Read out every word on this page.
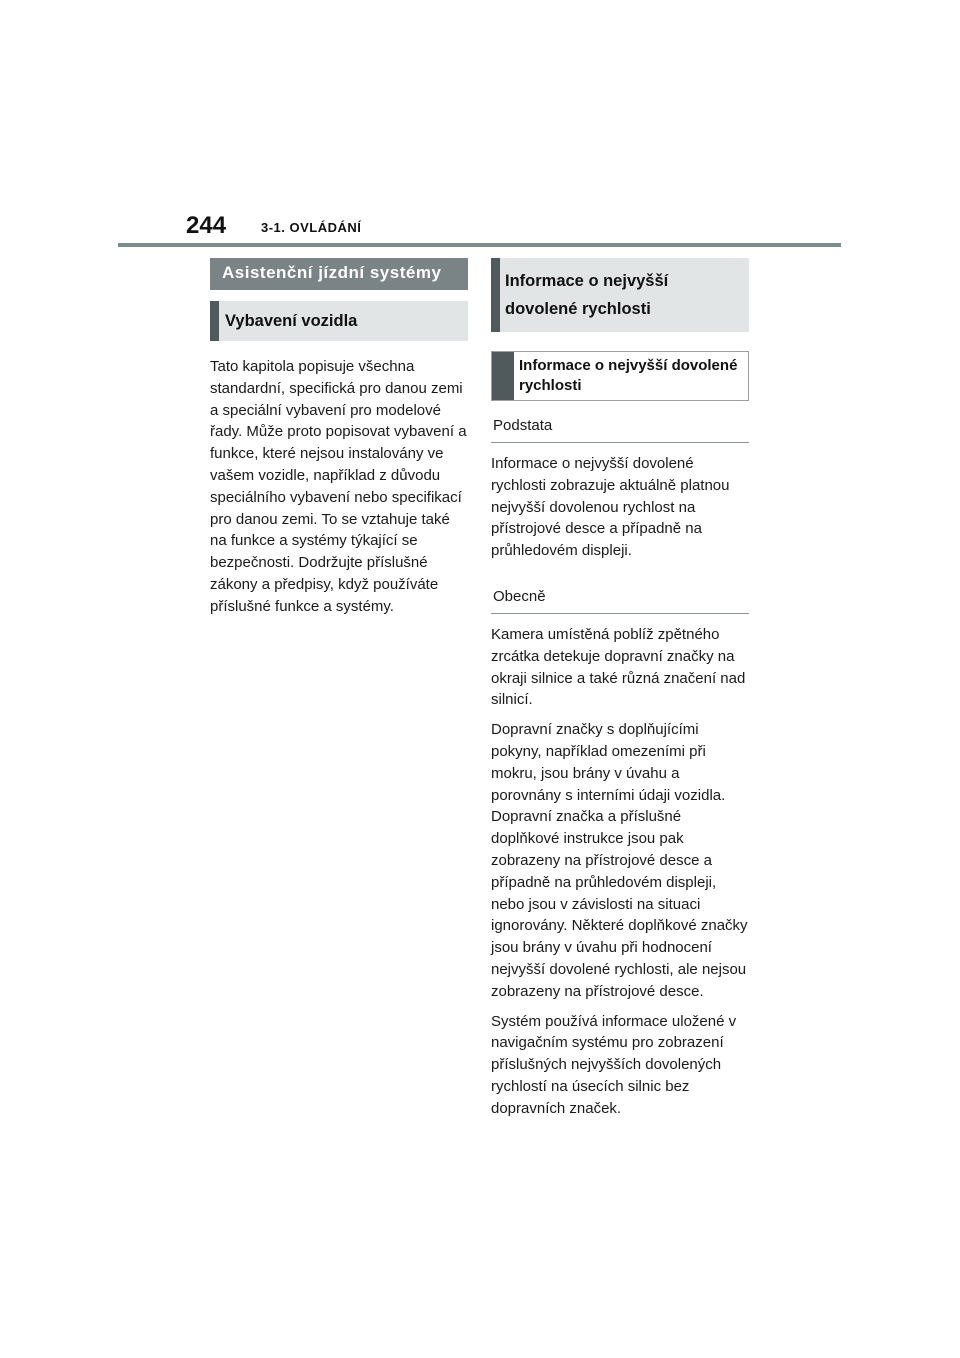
244	3-1. OVLÁDÁNÍ
Asistenční jízdní systémy
Vybavení vozidla

Tato kapitola popisuje všechna standardní, specifická pro danou zemi a speciální vybavení pro modelové řady. Může proto popisovat vybavení a funkce, které nejsou instalovány ve vašem vozidle, například z důvodu speciálního vybavení nebo specifikací pro danou zemi. To se vztahuje také na funkce a systémy týkající se bezpečnosti. Dodržujte příslušné zákony a předpisy, když používáte příslušné funkce a systémy.

Informace o nejvyšší dovolené rychlosti
Informace o nejvyšší dovolené rychlosti
Podstata

Informace o nejvyšší dovolené rychlosti zobrazuje aktuálně platnou nejvyšší dovolenou rychlost na přístrojové desce a případně na průhledovém displeji.

Obecně

Kamera umístěná poblíž zpětného zrcátka detekuje dopravní značky na okraji silnice a také různá značení nad silnicí.

Dopravní značky s doplňujícími pokyny, například omezeními při mokru, jsou brány v úvahu a porovnány s interními údaji vozidla. Dopravní značka a příslušné doplňkové instrukce jsou pak zobrazeny na přístrojové desce a případně na průhledovém displeji, nebo jsou v závislosti na situaci ignorovány. Některé doplňkové značky jsou brány v úvahu při hodnocení nejvyšší dovolené rychlosti, ale nejsou zobrazeny na přístrojové desce.

Systém používá informace uložené v navigačním systému pro zobrazení příslušných nejvyšších dovolených rychlostí na úsecích silnic bez dopravních značek.
